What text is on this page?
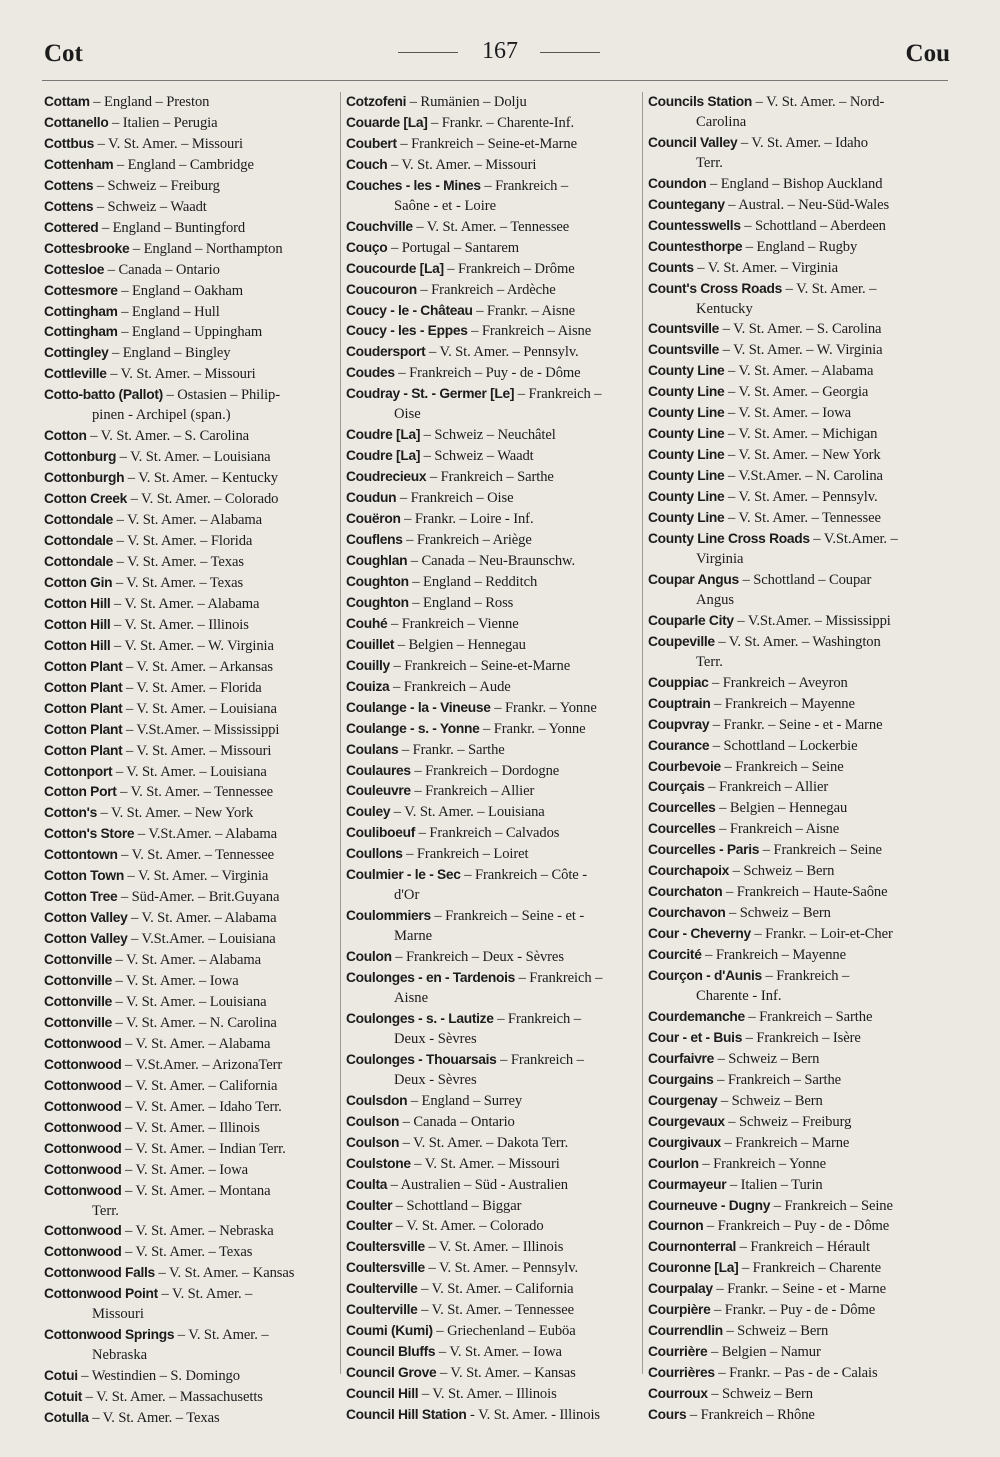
Cot	167	Cou
Cottam – England – Preston
Cottanello – Italien – Perugia
Cottbus – V. St. Amer. – Missouri
Cottenham – England – Cambridge
Cottens – Schweiz – Freiburg
Cottens – Schweiz – Waadt
Cottered – England – Buntingford
Cottesbrooke – England – Northampton
Cottesloe – Canada – Ontario
Cottesmore – England – Oakham
Cottingham – England – Hull
Cottingham – England – Uppingham
Cottingley – England – Bingley
Cottleville – V. St. Amer. – Missouri
Cotto-batto (Pallot) – Ostasien – Philip-
pinen - Archipel (span.)
Cotton – V. St. Amer. – S. Carolina
Cottonburg – V. St. Amer. – Louisiana
Cottonburgh – V. St. Amer. – Kentucky
Cotton Creek – V. St. Amer. – Colorado
Cottondale – V. St. Amer. – Alabama
Cottondale – V. St. Amer. – Florida
Cottondale – V. St. Amer. – Texas
Cotton Gin – V. St. Amer. – Texas
Cotton Hill – V. St. Amer. – Alabama
Cotton Hill – V. St. Amer. – Illinois
Cotton Hill – V. St. Amer. – W. Virginia
Cotton Plant – V. St. Amer. – Arkansas
Cotton Plant – V. St. Amer. – Florida
Cotton Plant – V. St. Amer. – Louisiana
Cotton Plant – V.St.Amer. – Mississippi
Cotton Plant – V. St. Amer. – Missouri
Cottonport – V. St. Amer. – Louisiana
Cotton Port – V. St. Amer. – Tennessee
Cotton's – V. St. Amer. – New York
Cotton's Store – V.St.Amer. – Alabama
Cottontown – V. St. Amer. – Tennessee
Cotton Town – V. St. Amer. – Virginia
Cotton Tree – Süd-Amer. – Brit.Guyana
Cotton Valley – V. St. Amer. – Alabama
Cotton Valley – V.St.Amer. – Louisiana
Cottonville – V. St. Amer. – Alabama
Cottonville – V. St. Amer. – Iowa
Cottonville – V. St. Amer. – Louisiana
Cottonville – V. St. Amer. – N. Carolina
Cottonwood – V. St. Amer. – Alabama
Cottonwood – V.St.Amer. – ArizonaTerr
Cottonwood – V. St. Amer. – California
Cottonwood – V. St. Amer. – Idaho Terr.
Cottonwood – V. St. Amer. – Illinois
Cottonwood – V. St. Amer. – Indian Terr.
Cottonwood – V. St. Amer. – Iowa
Cottonwood – V. St. Amer. – Montana
Terr.
Cottonwood – V. St. Amer. – Nebraska
Cottonwood – V. St. Amer. – Texas
Cottonwood Falls – V. St. Amer. – Kansas
Cottonwood Point – V. St. Amer. –
Missouri
Cottonwood Springs – V. St. Amer. –
Nebraska
Cotui – Westindien – S. Domingo
Cotuit – V. St. Amer. – Massachusetts
Cotulla – V. St. Amer. – Texas
Cotzofeni – Rumänien – Dolju
Couarde [La] – Frankr. – Charente-Inf.
Coubert – Frankreich – Seine-et-Marne
Couch – V. St. Amer. – Missouri
Couches - les - Mines – Frankreich –
Saône - et - Loire
Couchville – V. St. Amer. – Tennessee
Couço – Portugal – Santarem
Coucourde [La] – Frankreich – Drôme
Coucouron – Frankreich – Ardèche
Coucy - le - Château – Frankr. – Aisne
Coucy - les - Eppes – Frankreich – Aisne
Coudersport – V. St. Amer. – Pennsylv.
Coudes – Frankreich – Puy - de - Dôme
Coudray - St. - Germer [Le] – Frankreich –
Oise
Coudre [La] – Schweiz – Neuchâtel
Coudre [La] – Schweiz – Waadt
Coudrecieux – Frankreich – Sarthe
Coudun – Frankreich – Oise
Couëron – Frankr. – Loire - Inf.
Couflens – Frankreich – Ariège
Coughlan – Canada – Neu-Braunschw.
Coughton – England – Redditch
Coughton – England – Ross
Couhé – Frankreich – Vienne
Couillet – Belgien – Hennegau
Couilly – Frankreich – Seine-et-Marne
Couiza – Frankreich – Aude
Coulange - la - Vineuse – Frankr. – Yonne
Coulange - s. - Yonne – Frankr. – Yonne
Coulans – Frankr. – Sarthe
Coulaures – Frankreich – Dordogne
Couleuvre – Frankreich – Allier
Couley – V. St. Amer. – Louisiana
Couliboeuf – Frankreich – Calvados
Coullons – Frankreich – Loiret
Coulmier - le - Sec – Frankreich – Côte -
d'Or
Coulommiers – Frankreich – Seine - et -
Marne
Coulon – Frankreich – Deux - Sèvres
Coulonges - en - Tardenois – Frankreich –
Aisne
Coulonges - s. - Lautize – Frankreich –
Deux - Sèvres
Coulonges - Thouarsais – Frankreich –
Deux - Sèvres
Coulsdon – England – Surrey
Coulson – Canada – Ontario
Coulson – V. St. Amer. – Dakota Terr.
Coulstone – V. St. Amer. – Missouri
Coulta – Australien – Süd - Australien
Coulter – Schottland – Biggar
Coulter – V. St. Amer. – Colorado
Coultersville – V. St. Amer. – Illinois
Coultersville – V. St. Amer. – Pennsylv.
Coulterville – V. St. Amer. – California
Coulterville – V. St. Amer. – Tennessee
Coumi (Kumi) – Griechenland – Euböa
Council Bluffs – V. St. Amer. – Iowa
Council Grove – V. St. Amer. – Kansas
Council Hill – V. St. Amer. – Illinois
Council Hill Station - V. St. Amer. - Illinois
Councils Station – V. St. Amer. – Nord-
Carolina
Council Valley – V. St. Amer. – Idaho
Terr.
Coundon – England – Bishop Auckland
Countegany – Austral. – Neu-Süd-Wales
Countesswells – Schottland – Aberdeen
Countesthorpe – England – Rugby
Counts – V. St. Amer. – Virginia
Count's Cross Roads – V. St. Amer. –
Kentucky
Countsville – V. St. Amer. – S. Carolina
Countsville – V. St. Amer. – W. Virginia
County Line – V. St. Amer. – Alabama
County Line – V. St. Amer. – Georgia
County Line – V. St. Amer. – Iowa
County Line – V. St. Amer. – Michigan
County Line – V. St. Amer. – New York
County Line – V.St.Amer. – N. Carolina
County Line – V. St. Amer. – Pennsylv.
County Line – V. St. Amer. – Tennessee
County Line Cross Roads – V.St.Amer. –
Virginia
Coupar Angus – Schottland – Coupar
Angus
Couparle City – V.St.Amer. – Mississippi
Coupeville – V. St. Amer. – Washington
Terr.
Couppiac – Frankreich – Aveyron
Couptrain – Frankreich – Mayenne
Coupvray – Frankr. – Seine - et - Marne
Courance – Schottland – Lockerbie
Courbevoie – Frankreich – Seine
Courçais – Frankreich – Allier
Courcelles – Belgien – Hennegau
Courcelles – Frankreich – Aisne
Courcelles - Paris – Frankreich – Seine
Courchapoix – Schweiz – Bern
Courchaton – Frankreich – Haute-Saône
Courchavon – Schweiz – Bern
Cour - Cheverny – Frankr. – Loir-et-Cher
Courcité – Frankreich – Mayenne
Courçon - d'Aunis – Frankreich –
Charente - Inf.
Courdemanche – Frankreich – Sarthe
Cour - et - Buis – Frankreich – Isère
Courfaivre – Schweiz – Bern
Courgains – Frankreich – Sarthe
Courgenay – Schweiz – Bern
Courgevaux – Schweiz – Freiburg
Courgivaux – Frankreich – Marne
Courlon – Frankreich – Yonne
Courmayeur – Italien – Turin
Courneuve - Dugny – Frankreich – Seine
Cournon – Frankreich – Puy - de - Dôme
Cournonterral – Frankreich – Hérault
Couronne [La] – Frankreich – Charente
Courpalay – Frankr. – Seine - et - Marne
Courpière – Frankr. – Puy - de - Dôme
Courrendlin – Schweiz – Bern
Courrière – Belgien – Namur
Courrières – Frankr. – Pas - de - Calais
Courroux – Schweiz – Bern
Cours – Frankreich – Rhône
